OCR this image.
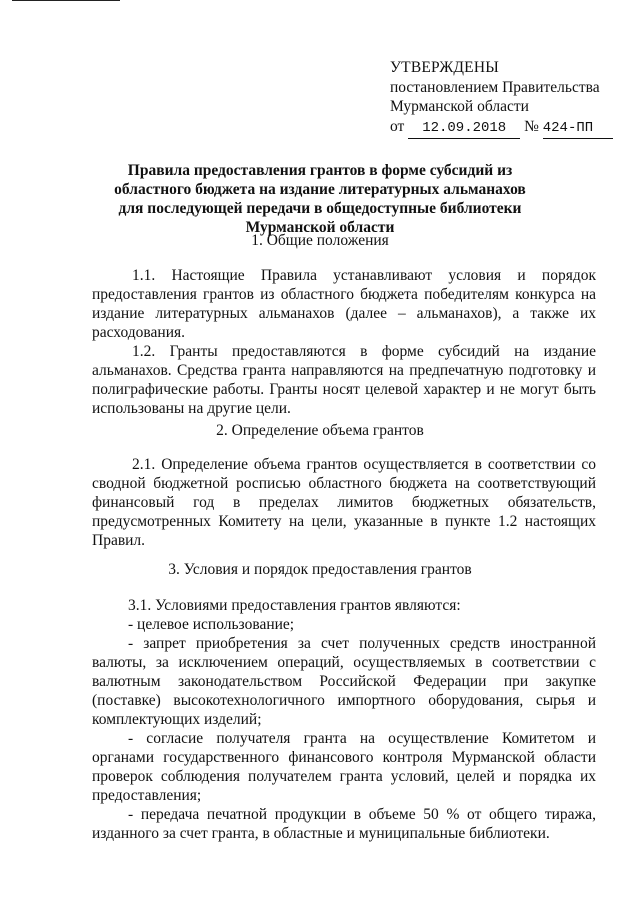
УТВЕРЖДЕНЫ
постановлением Правительства
Мурманской области
от 12.09.2018 № 424-ПП
Правила предоставления грантов в форме субсидий из областного бюджета на издание литературных альманахов для последующей передачи в общедоступные библиотеки Мурманской области
1. Общие положения

1.1. Настоящие Правила устанавливают условия и порядок предоставления грантов из областного бюджета победителям конкурса на издание литературных альманахов (далее – альманахов), а также их расходования.

1.2. Гранты предоставляются в форме субсидий на издание альманахов. Средства гранта направляются на предпечатную подготовку и полиграфические работы. Гранты носят целевой характер и не могут быть использованы на другие цели.

2. Определение объема грантов

2.1. Определение объема грантов осуществляется в соответствии со сводной бюджетной росписью областного бюджета на соответствующий финансовый год в пределах лимитов бюджетных обязательств, предусмотренных Комитету на цели, указанные в пункте 1.2 настоящих Правил.

3. Условия и порядок предоставления грантов

3.1. Условиями предоставления грантов являются:

- целевое использование;

- запрет приобретения за счет полученных средств иностранной валюты, за исключением операций, осуществляемых в соответствии с валютным законодательством Российской Федерации при закупке (поставке) высокотехнологичного импортного оборудования, сырья и комплектующих изделий;

- согласие получателя гранта на осуществление Комитетом и органами государственного финансового контроля Мурманской области проверок соблюдения получателем гранта условий, целей и порядка их предоставления;

- передача печатной продукции в объеме 50 % от общего тиража, изданного за счет гранта, в областные и муниципальные библиотеки.
